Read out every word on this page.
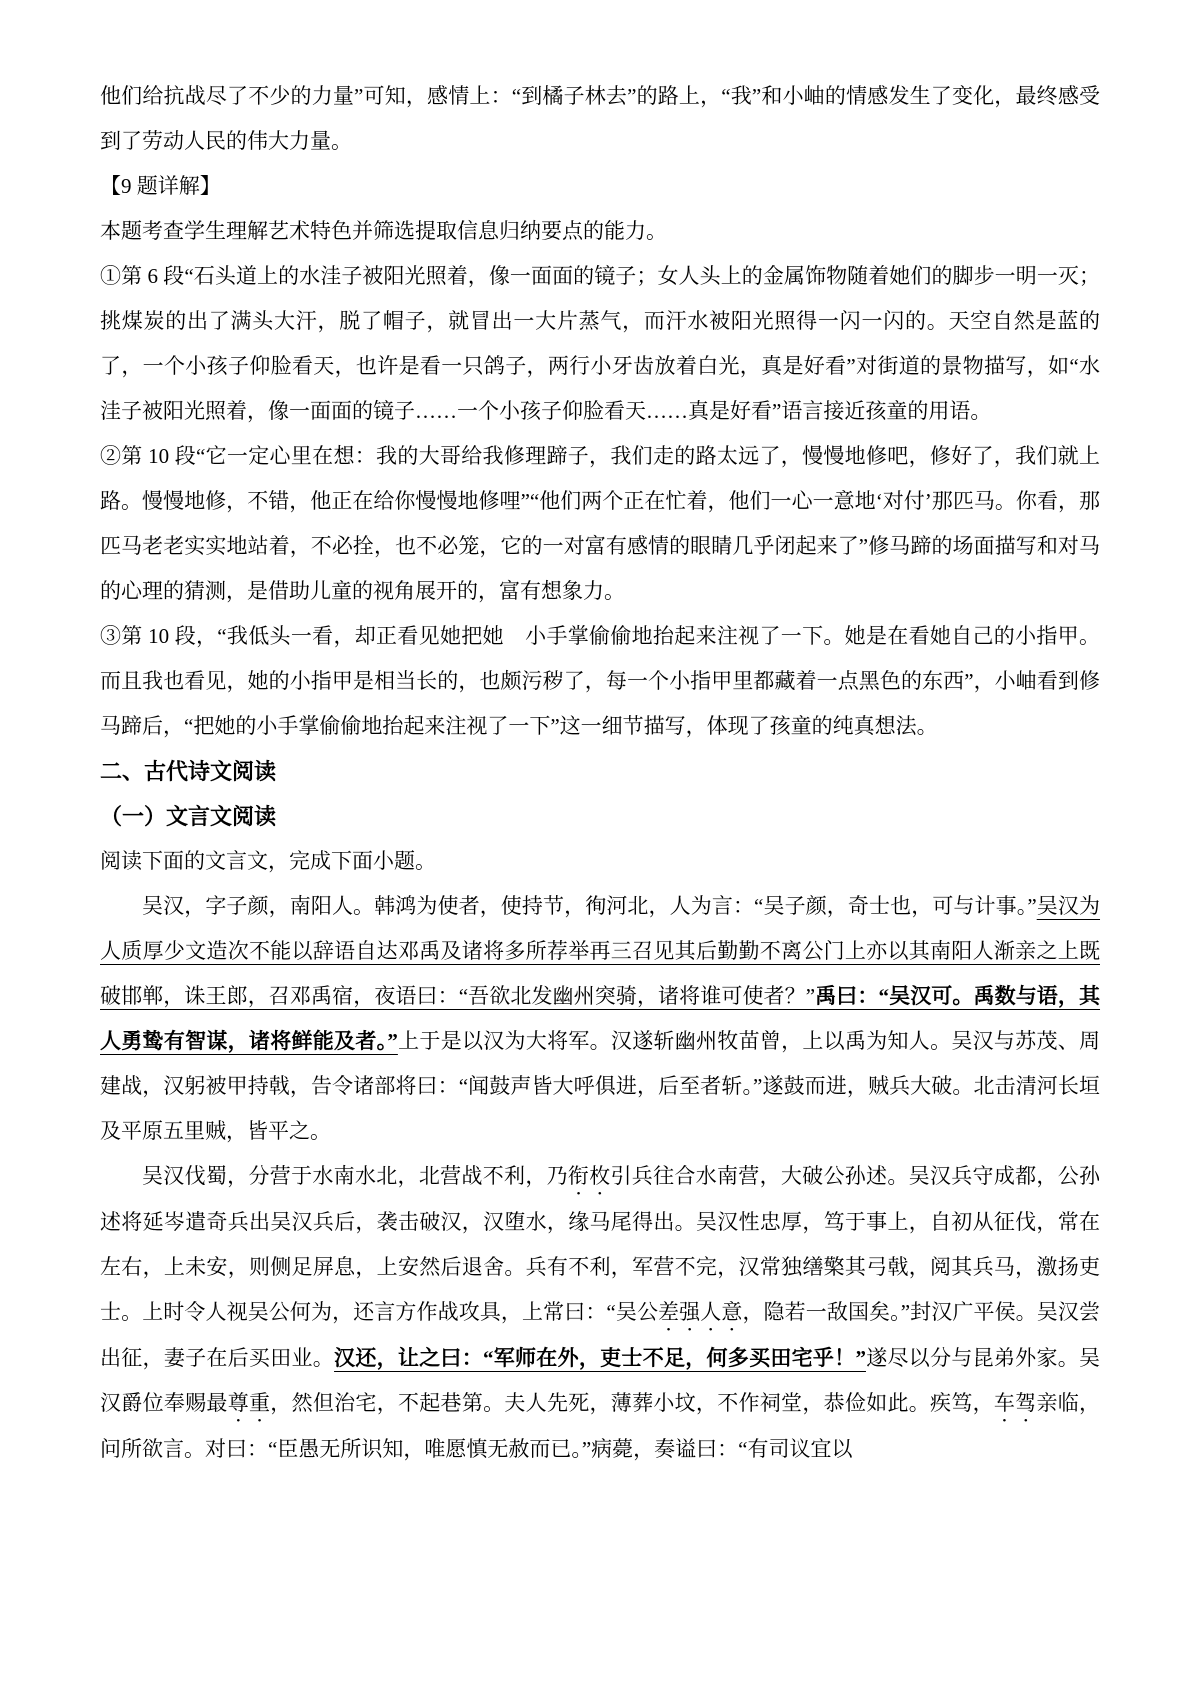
他们给抗战尽了不少的力量”可知，感情上：“到橘子林去”的路上，“我”和小岫的情感发生了变化，最终感受到了劳动人民的伟大力量。

【9 题详解】

本题考查学生理解艺术特色并筛选提取信息归纳要点的能力。

①第 6 段“石头道上的水洼子被阳光照着，像一面面的镜子；女人头上的金属饰物随着她们的脚步一明一灭；挑煤炭的出了满头大汗，脱了帽子，就冒出一大片蒸气，而汗水被阳光照得一闪一闪的。天空自然是蓝的了，一个小孩子仰脸看天，也许是看一只鸽子，两行小牙齿放着白光，真是好看”对街道的景物描写，如“水洼子被阳光照着，像一面面的镜子……一个小孩子仰脸看天……真是好看”语言接近孩童的用语。

②第 10 段“它一定心里在想：我的大哥给我修理蹄子，我们走的路太远了，慢慢地修吧，修好了，我们就上路。慢慢地修，不错，他正在给你慢慢地修哩”“他们两个正在忙着，他们一心一意地‘对付’那匹马。你看，那匹马老老实实地站着，不必拴，也不必笼，它的一对富有感情的眼睛几乎闭起来了”修马蹄的场面描写和对马的心理的猜测，是借助儿童的视角展开的，富有想象力。

③第 10 段，“我低头一看，却正看见她把她　小手掌偷偷地抬起来注视了一下。她是在看她自己的小指甲。而且我也看见，她的小指甲是相当长的，也颇污秽了，每一个小指甲里都藏着一点黑色的东西”，小岫看到修马蹄后，“把她的小手掌偷偷地抬起来注视了一下”这一细节描写，体现了孩童的纯真想法。

二、古代诗文阅读

（一）文言文阅读

阅读下面的文言文，完成下面小题。

吴汉，字子颜，南阳人。韩鸿为使者，使持节，徇河北，人为言：“吴子颜，奇士也，可与计事。”吴汉为人质厚少文造次不能以辞语自达邓禹及诸将多所荐举再三召见其后勤勤不离公门上亦以其南阳人渐亲之上既破邯郸，诛王郎，召邓禹宿，夜语曰：“吾欲北发幽州突骑，诸将谁可使者？”禹曰：“吴汉可。禹数与语，其人勇鸷有智谋，诸将鲜能及者。”上于是以汉为大将军。汉遂斩幽州牧苗曾，上以禹为知人。吴汉与苏茂、周建战，汉躬被甲持戟，告令诸部将曰：“闻鼓声皆大呼俱进，后至者斩。”遂鼓而进，贼兵大破。北击清河长垣及平原五里贼，皆平之。

吴汉伐蜀，分营于水南水北，北营战不利，乃衔枚引兵往合水南营，大破公孙述。吴汉兵守成都，公孙述将延岑遣奇兵出吴汉兵后，袭击破汉，汉堕水，缘马尾得出。吴汉性忠厚，笃于事上，自初从征伐，常在左右，上未安，则侧足屏息，上安然后退舍。兵有不利，军营不完，汉常独缮檠其弓戟，阅其兵马，激扬吏士。上时令人视吴公何为，还言方作战攻具，上常曰：“吴公差强人意，隐若一敌国矣。”封汉广平侯。吴汉尝出征，妻子在后买田业。汉还，让之曰：“军师在外，吏士不足，何多买田宅乎！”遂尽以分与昆弟外家。吴汉爵位奉赐最尊重，然但治宅，不起巷第。夫人先死，薄葬小坟，不作祠堂，恭俭如此。疾笃，车驾亲临，问所欲言。对曰：“臣愚无所识知，唯愿慎无赦而已。”病薨，奏谥曰：“有司议宜以
